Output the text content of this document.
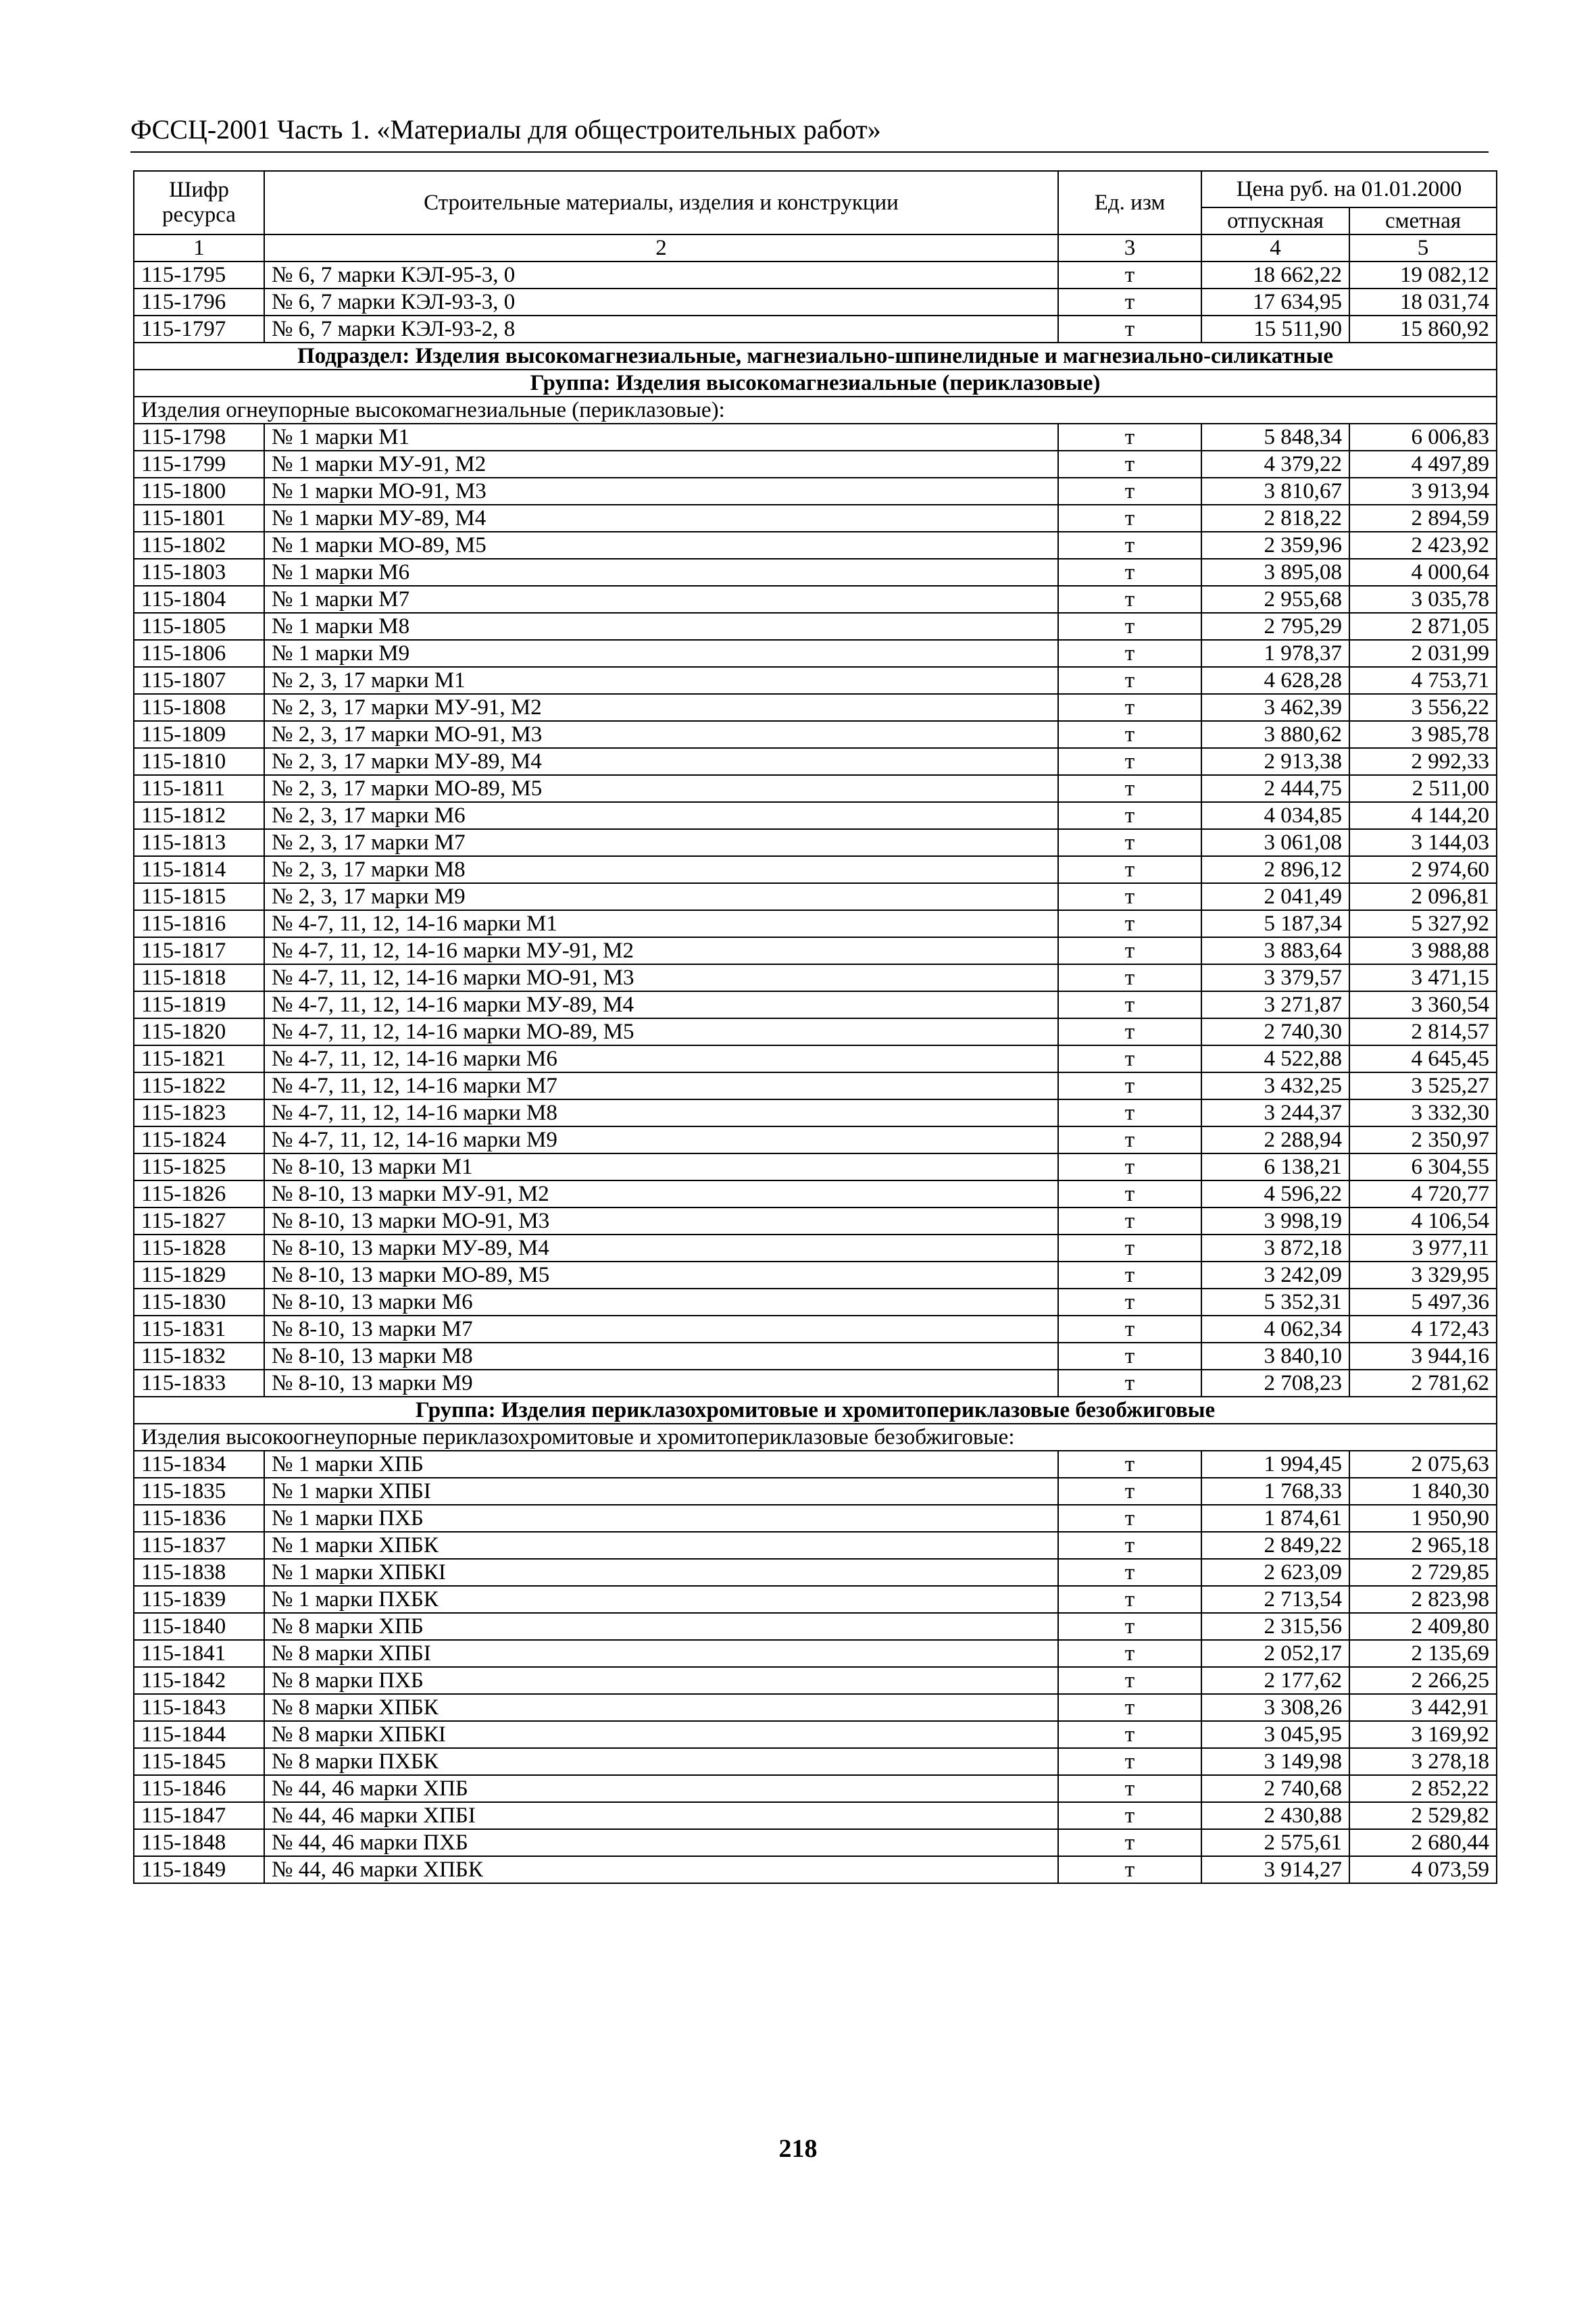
ФССЦ-2001 Часть 1. «Материалы для общестроительных работ»
Шифр ресурса	Строительные материалы, изделия и конструкции	Ед. изм	Цена руб. на 01.01.2000	
			отпускная	сметная
1	2	3	4	5
115-1795	№ 6, 7 марки КЭЛ-95-3, 0	т	18 662,22	19 082,12
115-1796	№ 6, 7 марки КЭЛ-93-3, 0	т	17 634,95	18 031,74
115-1797	№ 6, 7 марки КЭЛ-93-2, 8	т	15 511,90	15 860,92
Подраздел: Изделия высокомагнезиальные, магнезиально-шпинелидные и магнезиально-силикатные				
Группа: Изделия высокомагнезиальные (периклазовые)				
Изделия огнеупорные высокомагнезиальные (периклазовые):				
115-1798	№ 1 марки М1	т	5 848,34	6 006,83
115-1799	№ 1 марки МУ-91, М2	т	4 379,22	4 497,89
115-1800	№ 1 марки МО-91, М3	т	3 810,67	3 913,94
115-1801	№ 1 марки МУ-89, М4	т	2 818,22	2 894,59
115-1802	№ 1 марки МО-89, М5	т	2 359,96	2 423,92
115-1803	№ 1 марки М6	т	3 895,08	4 000,64
115-1804	№ 1 марки М7	т	2 955,68	3 035,78
115-1805	№ 1 марки М8	т	2 795,29	2 871,05
115-1806	№ 1 марки М9	т	1 978,37	2 031,99
115-1807	№ 2, 3, 17 марки М1	т	4 628,28	4 753,71
115-1808	№ 2, 3, 17 марки МУ-91, М2	т	3 462,39	3 556,22
115-1809	№ 2, 3, 17 марки МО-91, М3	т	3 880,62	3 985,78
115-1810	№ 2, 3, 17 марки МУ-89, М4	т	2 913,38	2 992,33
115-1811	№ 2, 3, 17 марки МО-89, М5	т	2 444,75	2 511,00
115-1812	№ 2, 3, 17 марки М6	т	4 034,85	4 144,20
115-1813	№ 2, 3, 17 марки М7	т	3 061,08	3 144,03
115-1814	№ 2, 3, 17 марки М8	т	2 896,12	2 974,60
115-1815	№ 2, 3, 17 марки М9	т	2 041,49	2 096,81
115-1816	№ 4-7, 11, 12, 14-16 марки М1	т	5 187,34	5 327,92
115-1817	№ 4-7, 11, 12, 14-16 марки МУ-91, М2	т	3 883,64	3 988,88
115-1818	№ 4-7, 11, 12, 14-16 марки МО-91, М3	т	3 379,57	3 471,15
115-1819	№ 4-7, 11, 12, 14-16 марки МУ-89, М4	т	3 271,87	3 360,54
115-1820	№ 4-7, 11, 12, 14-16 марки МО-89, М5	т	2 740,30	2 814,57
115-1821	№ 4-7, 11, 12, 14-16 марки М6	т	4 522,88	4 645,45
115-1822	№ 4-7, 11, 12, 14-16 марки М7	т	3 432,25	3 525,27
115-1823	№ 4-7, 11, 12, 14-16 марки М8	т	3 244,37	3 332,30
115-1824	№ 4-7, 11, 12, 14-16 марки М9	т	2 288,94	2 350,97
115-1825	№ 8-10, 13 марки М1	т	6 138,21	6 304,55
115-1826	№ 8-10, 13 марки МУ-91, М2	т	4 596,22	4 720,77
115-1827	№ 8-10, 13 марки МО-91, М3	т	3 998,19	4 106,54
115-1828	№ 8-10, 13 марки МУ-89, М4	т	3 872,18	3 977,11
115-1829	№ 8-10, 13 марки МО-89, М5	т	3 242,09	3 329,95
115-1830	№ 8-10, 13 марки М6	т	5 352,31	5 497,36
115-1831	№ 8-10, 13 марки М7	т	4 062,34	4 172,43
115-1832	№ 8-10, 13 марки М8	т	3 840,10	3 944,16
115-1833	№ 8-10, 13 марки М9	т	2 708,23	2 781,62
Группа: Изделия периклазохромитовые и хромитопериклазовые безобжиговые				
Изделия высокоогнеупорные периклазохромитовые и хромитопериклазовые безобжиговые:				
115-1834	№ 1 марки ХПБ	т	1 994,45	2 075,63
115-1835	№ 1 марки ХПБI	т	1 768,33	1 840,30
115-1836	№ 1 марки ПХБ	т	1 874,61	1 950,90
115-1837	№ 1 марки ХПБК	т	2 849,22	2 965,18
115-1838	№ 1 марки ХПБКI	т	2 623,09	2 729,85
115-1839	№ 1 марки ПХБК	т	2 713,54	2 823,98
115-1840	№ 8 марки ХПБ	т	2 315,56	2 409,80
115-1841	№ 8 марки ХПБI	т	2 052,17	2 135,69
115-1842	№ 8 марки ПХБ	т	2 177,62	2 266,25
115-1843	№ 8 марки ХПБК	т	3 308,26	3 442,91
115-1844	№ 8 марки ХПБКI	т	3 045,95	3 169,92
115-1845	№ 8 марки ПХБК	т	3 149,98	3 278,18
115-1846	№ 44, 46 марки ХПБ	т	2 740,68	2 852,22
115-1847	№ 44, 46 марки ХПБI	т	2 430,88	2 529,82
115-1848	№ 44, 46 марки ПХБ	т	2 575,61	2 680,44
115-1849	№ 44, 46 марки ХПБК	т	3 914,27	4 073,59
218
